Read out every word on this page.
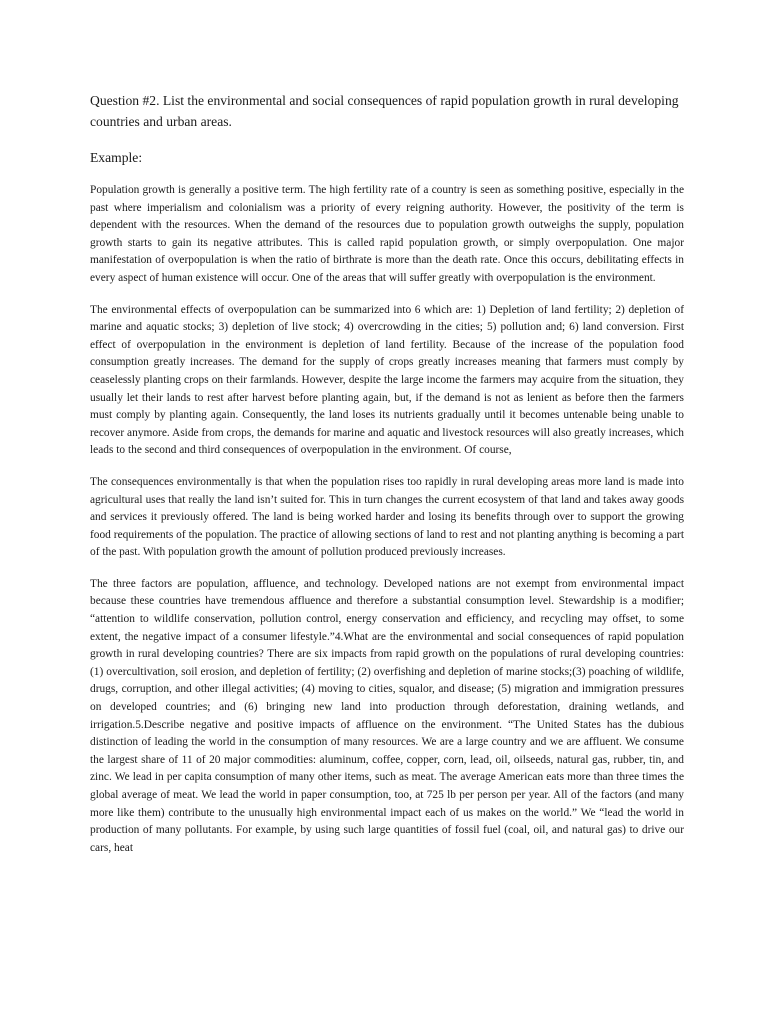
Question #2. List the environmental and social consequences of rapid population growth in rural developing countries and urban areas.

Example:

Population growth is generally a positive term. The high fertility rate of a country is seen as something positive, especially in the past where imperialism and colonialism was a priority of every reigning authority. However, the positivity of the term is dependent with the resources. When the demand of the resources due to population growth outweighs the supply, population growth starts to gain its negative attributes. This is called rapid population growth, or simply overpopulation. One major manifestation of overpopulation is when the ratio of birthrate is more than the death rate. Once this occurs, debilitating effects in every aspect of human existence will occur. One of the areas that will suffer greatly with overpopulation is the environment.

The environmental effects of overpopulation can be summarized into 6 which are: 1) Depletion of land fertility; 2) depletion of marine and aquatic stocks; 3) depletion of live stock; 4) overcrowding in the cities; 5) pollution and; 6) land conversion. First effect of overpopulation in the environment is depletion of land fertility. Because of the increase of the population food consumption greatly increases. The demand for the supply of crops greatly increases meaning that farmers must comply by ceaselessly planting crops on their farmlands. However, despite the large income the farmers may acquire from the situation, they usually let their lands to rest after harvest before planting again, but, if the demand is not as lenient as before then the farmers must comply by planting again. Consequently, the land loses its nutrients gradually until it becomes untenable being unable to recover anymore. Aside from crops, the demands for marine and aquatic and livestock resources will also greatly increases, which leads to the second and third consequences of overpopulation in the environment. Of course,

The consequences environmentally is that when the population rises too rapidly in rural developing areas more land is made into agricultural uses that really the land isn’t suited for. This in turn changes the current ecosystem of that land and takes away goods and services it previously offered. The land is being worked harder and losing its benefits through over to support the growing food requirements of the population. The practice of allowing sections of land to rest and not planting anything is becoming a part of the past. With population growth the amount of pollution produced previously increases.

The three factors are population, affluence, and technology. Developed nations are not exempt from environmental impact because these countries have tremendous affluence and therefore a substantial consumption level. Stewardship is a modifier; “attention to wildlife conservation, pollution control, energy conservation and efficiency, and recycling may offset, to some extent, the negative impact of a consumer lifestyle.”4.What are the environmental and social consequences of rapid population growth in rural developing countries? There are six impacts from rapid growth on the populations of rural developing countries: (1) overcultivation, soil erosion, and depletion of fertility; (2) overfishing and depletion of marine stocks;(3) poaching of wildlife, drugs, corruption, and other illegal activities; (4) moving to cities, squalor, and disease; (5) migration and immigration pressures on developed countries; and (6) bringing new land into production through deforestation, draining wetlands, and irrigation.5.Describe negative and positive impacts of affluence on the environment. “The United States has the dubious distinction of leading the world in the consumption of many resources. We are a large country and we are affluent. We consume the largest share of 11 of 20 major commodities: aluminum, coffee, copper, corn, lead, oil, oilseeds, natural gas, rubber, tin, and zinc. We lead in per capita consumption of many other items, such as meat. The average American eats more than three times the global average of meat. We lead the world in paper consumption, too, at 725 lb per person per year. All of the factors (and many more like them) contribute to the unusually high environmental impact each of us makes on the world.” We “lead the world in production of many pollutants. For example, by using such large quantities of fossil fuel (coal, oil, and natural gas) to drive our cars, heat
